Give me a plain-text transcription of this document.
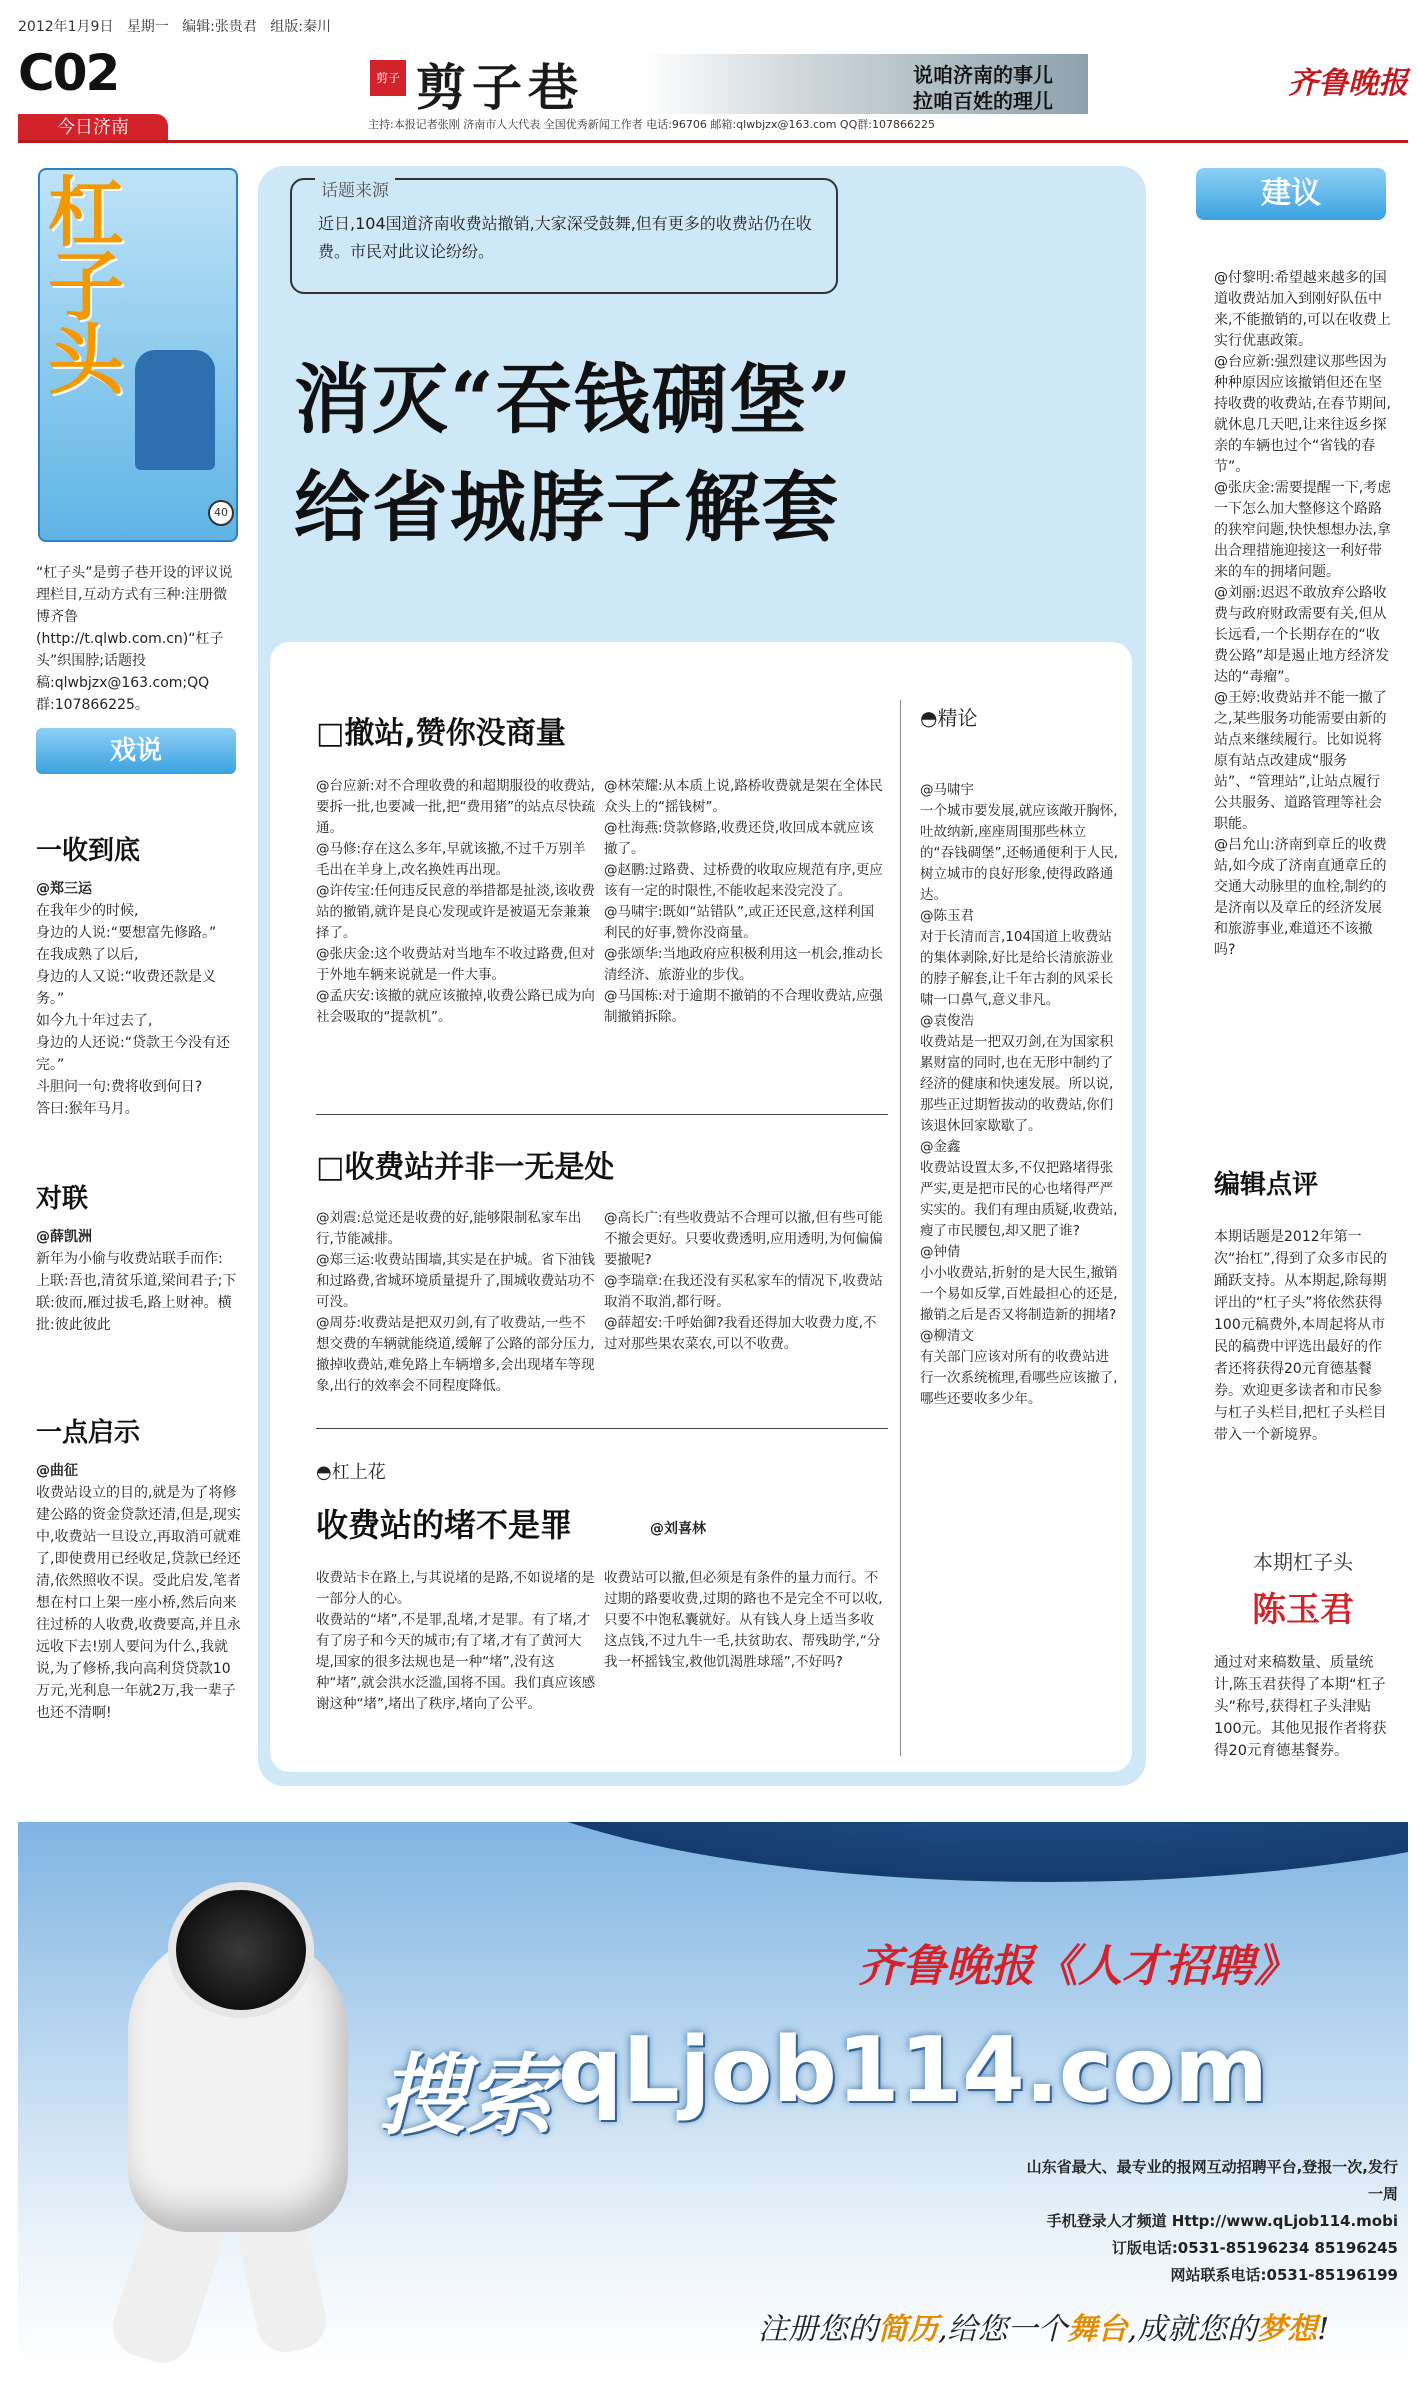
2012年1月9日 星期一 编辑:张贵君 组版:秦川
C02
今日济南
剪子 剪子巷	说咱济南的事儿
拉咱百姓的理儿	齐鲁晚报
主持:本报记者张刚 济南市人大代表 全国优秀新闻工作者 电话:96706 邮箱:qlwbjzx@163.com QQ群:107866225
杠子头
40
“杠子头”是剪子巷开设的评议说理栏目,互动方式有三种:注册微博齐鲁(http://t.qlwb.com.cn)“杠子头”织围脖;话题投稿:qlwbjzx@163.com;QQ群:107866225。
戏说
一收到底
@郑三运
在我年少的时候,
身边的人说:“要想富先修路。”
在我成熟了以后,
身边的人又说:“收费还款是义务。”
如今九十年过去了,
身边的人还说:“贷款王今没有还完。”
斗胆问一句:费将收到何日?
答曰:猴年马月。
对联
@薛凯洲
新年为小偷与收费站联手而作:
上联:吾也,清贫乐道,梁间君子;下联:彼而,雁过拔毛,路上财神。横批:彼此彼此
一点启示
@曲征
收费站设立的目的,就是为了将修建公路的资金贷款还清,但是,现实中,收费站一旦设立,再取消可就难了,即使费用已经收足,贷款已经还清,依然照收不误。受此启发,笔者想在村口上架一座小桥,然后向来往过桥的人收费,收费要高,并且永远收下去!别人要问为什么,我就说,为了修桥,我向高利贷贷款10万元,光利息一年就2万,我一辈子也还不清啊!
话题来源
近日,104国道济南收费站撤销,大家深受鼓舞,但有更多的收费站仍在收费。市民对此议论纷纷。
消灭“吞钱碉堡”
给省城脖子解套
□撤站,赞你没商量
@台应新:对不合理收费的和超期服役的收费站,要拆一批,也要减一批,把“费用猪”的站点尽快疏通。
@马修:存在这么多年,早就该撤,不过千万别羊毛出在羊身上,改名换姓再出现。
@许传宝:任何违反民意的举措都是扯淡,该收费站的撤销,就许是良心发现或许是被逼无奈兼兼择了。
@张庆金:这个收费站对当地车不收过路费,但对于外地车辆来说就是一件大事。
@孟庆安:该撤的就应该撤掉,收费公路已成为向社会吸取的“提款机”。
@林荣耀:从本质上说,路桥收费就是架在全体民众头上的“摇钱树”。
@杜海燕:贷款修路,收费还贷,收回成本就应该撤了。
@赵鹏:过路费、过桥费的收取应规范有序,更应该有一定的时限性,不能收起来没完没了。
@马啸宇:既如“站错队”,或正还民意,这样利国利民的好事,赞你没商量。
@张颂华:当地政府应积极利用这一机会,推动长清经济、旅游业的步伐。
@马国栋:对于逾期不撤销的不合理收费站,应强制撤销拆除。
□收费站并非一无是处
@刘震:总觉还是收费的好,能够限制私家车出行,节能减排。
@郑三运:收费站围墙,其实是在护城。省下油钱和过路费,省城环境质量提升了,围城收费站功不可没。
@周芬:收费站是把双刃剑,有了收费站,一些不想交费的车辆就能绕道,缓解了公路的部分压力,撤掉收费站,难免路上车辆增多,会出现堵车等现象,出行的效率会不同程度降低。
@高长广:有些收费站不合理可以撤,但有些可能不撤会更好。只要收费透明,应用透明,为何偏偏要撤呢?
@李瑞章:在我还没有买私家车的情况下,收费站取消不取消,都行呀。
@薛超安:千呼始御?我看还得加大收费力度,不过对那些果农菜农,可以不收费。
◓杠上花
收费站的堵不是罪	@刘喜林
收费站卡在路上,与其说堵的是路,不如说堵的是一部分人的心。
收费站的“堵”,不是罪,乱堵,才是罪。有了堵,才有了房子和今天的城市;有了堵,才有了黄河大堤,国家的很多法规也是一种“堵”,没有这种“堵”,就会洪水泛滥,国将不国。我们真应该感谢这种“堵”,堵出了秩序,堵向了公平。
收费站可以撤,但必须是有条件的量力而行。不过期的路要收费,过期的路也不是完全不可以收,只要不中饱私囊就好。从有钱人身上适当多收这点钱,不过九牛一毛,扶贫助农、帮残助学,“分我一杯摇钱宝,救他饥渴胜球瑶”,不好吗?
◓精论
@马啸宇
一个城市要发展,就应该敞开胸怀,吐故纳新,座座周围那些林立的“吞钱碉堡”,还畅通便利于人民,树立城市的良好形象,使得政路通达。
@陈玉君
对于长清而言,104国道上收费站的集体剥除,好比是给长清旅游业的脖子解套,让千年古刹的风采长啸一口鼻气,意义非凡。
@袁俊浩
收费站是一把双刃剑,在为国家积累财富的同时,也在无形中制约了经济的健康和快速发展。所以说,那些正过期暂拔动的收费站,你们该退休回家歇歇了。
@金鑫
收费站设置太多,不仅把路堵得张严实,更是把市民的心也堵得严严实实的。我们有理由质疑,收费站,瘦了市民腰包,却又肥了谁?
@钟倩
小小收费站,折射的是大民生,撤销一个易如反掌,百姓最担心的还是,撤销之后是否又将制造新的拥堵?
@柳清文
有关部门应该对所有的收费站进行一次系统梳理,看哪些应该撤了,哪些还要收多少年。
建议
@付黎明:希望越来越多的国道收费站加入到刚好队伍中来,不能撤销的,可以在收费上实行优惠政策。
@台应新:强烈建议那些因为种种原因应该撤销但还在坚持收费的收费站,在春节期间,就休息几天吧,让来往返乡探亲的车辆也过个“省钱的春节”。
@张庆金:需要提醒一下,考虑一下怎么加大整修这个路路的狭窄问题,快快想想办法,拿出合理措施迎接这一利好带来的车的拥堵问题。
@刘丽:迟迟不敢放弃公路收费与政府财政需要有关,但从长远看,一个长期存在的“收费公路”却是遏止地方经济发达的“毒瘤”。
@王婷:收费站并不能一撤了之,某些服务功能需要由新的站点来继续履行。比如说将原有站点改建成“服务站”、“管理站”,让站点履行公共服务、道路管理等社会职能。
@吕允山:济南到章丘的收费站,如今成了济南直通章丘的交通大动脉里的血栓,制约的是济南以及章丘的经济发展和旅游事业,难道还不该撤吗?
编辑点评
本期话题是2012年第一次“抬杠”,得到了众多市民的踊跃支持。从本期起,除每期评出的“杠子头”将依然获得100元稿费外,本周起将从市民的稿费中评选出最好的作者还将获得20元育德基餐券。欢迎更多读者和市民参与杠子头栏目,把杠子头栏目带入一个新境界。
本期杠子头
陈玉君
通过对来稿数量、质量统计,陈玉君获得了本期“杠子头”称号,获得杠子头津贴100元。其他见报作者将获得20元育德基餐券。
齐鲁晚报《人才招聘》
搜索 qLjob114.com
山东省最大、最专业的报网互动招聘平台,登报一次,发行一周
手机登录人才频道 Http://www.qLjob114.mobi
订版电话:0531-85196234 85196245
网站联系电话:0531-85196199
注册您的简历,给您一个舞台,成就您的梦想!
